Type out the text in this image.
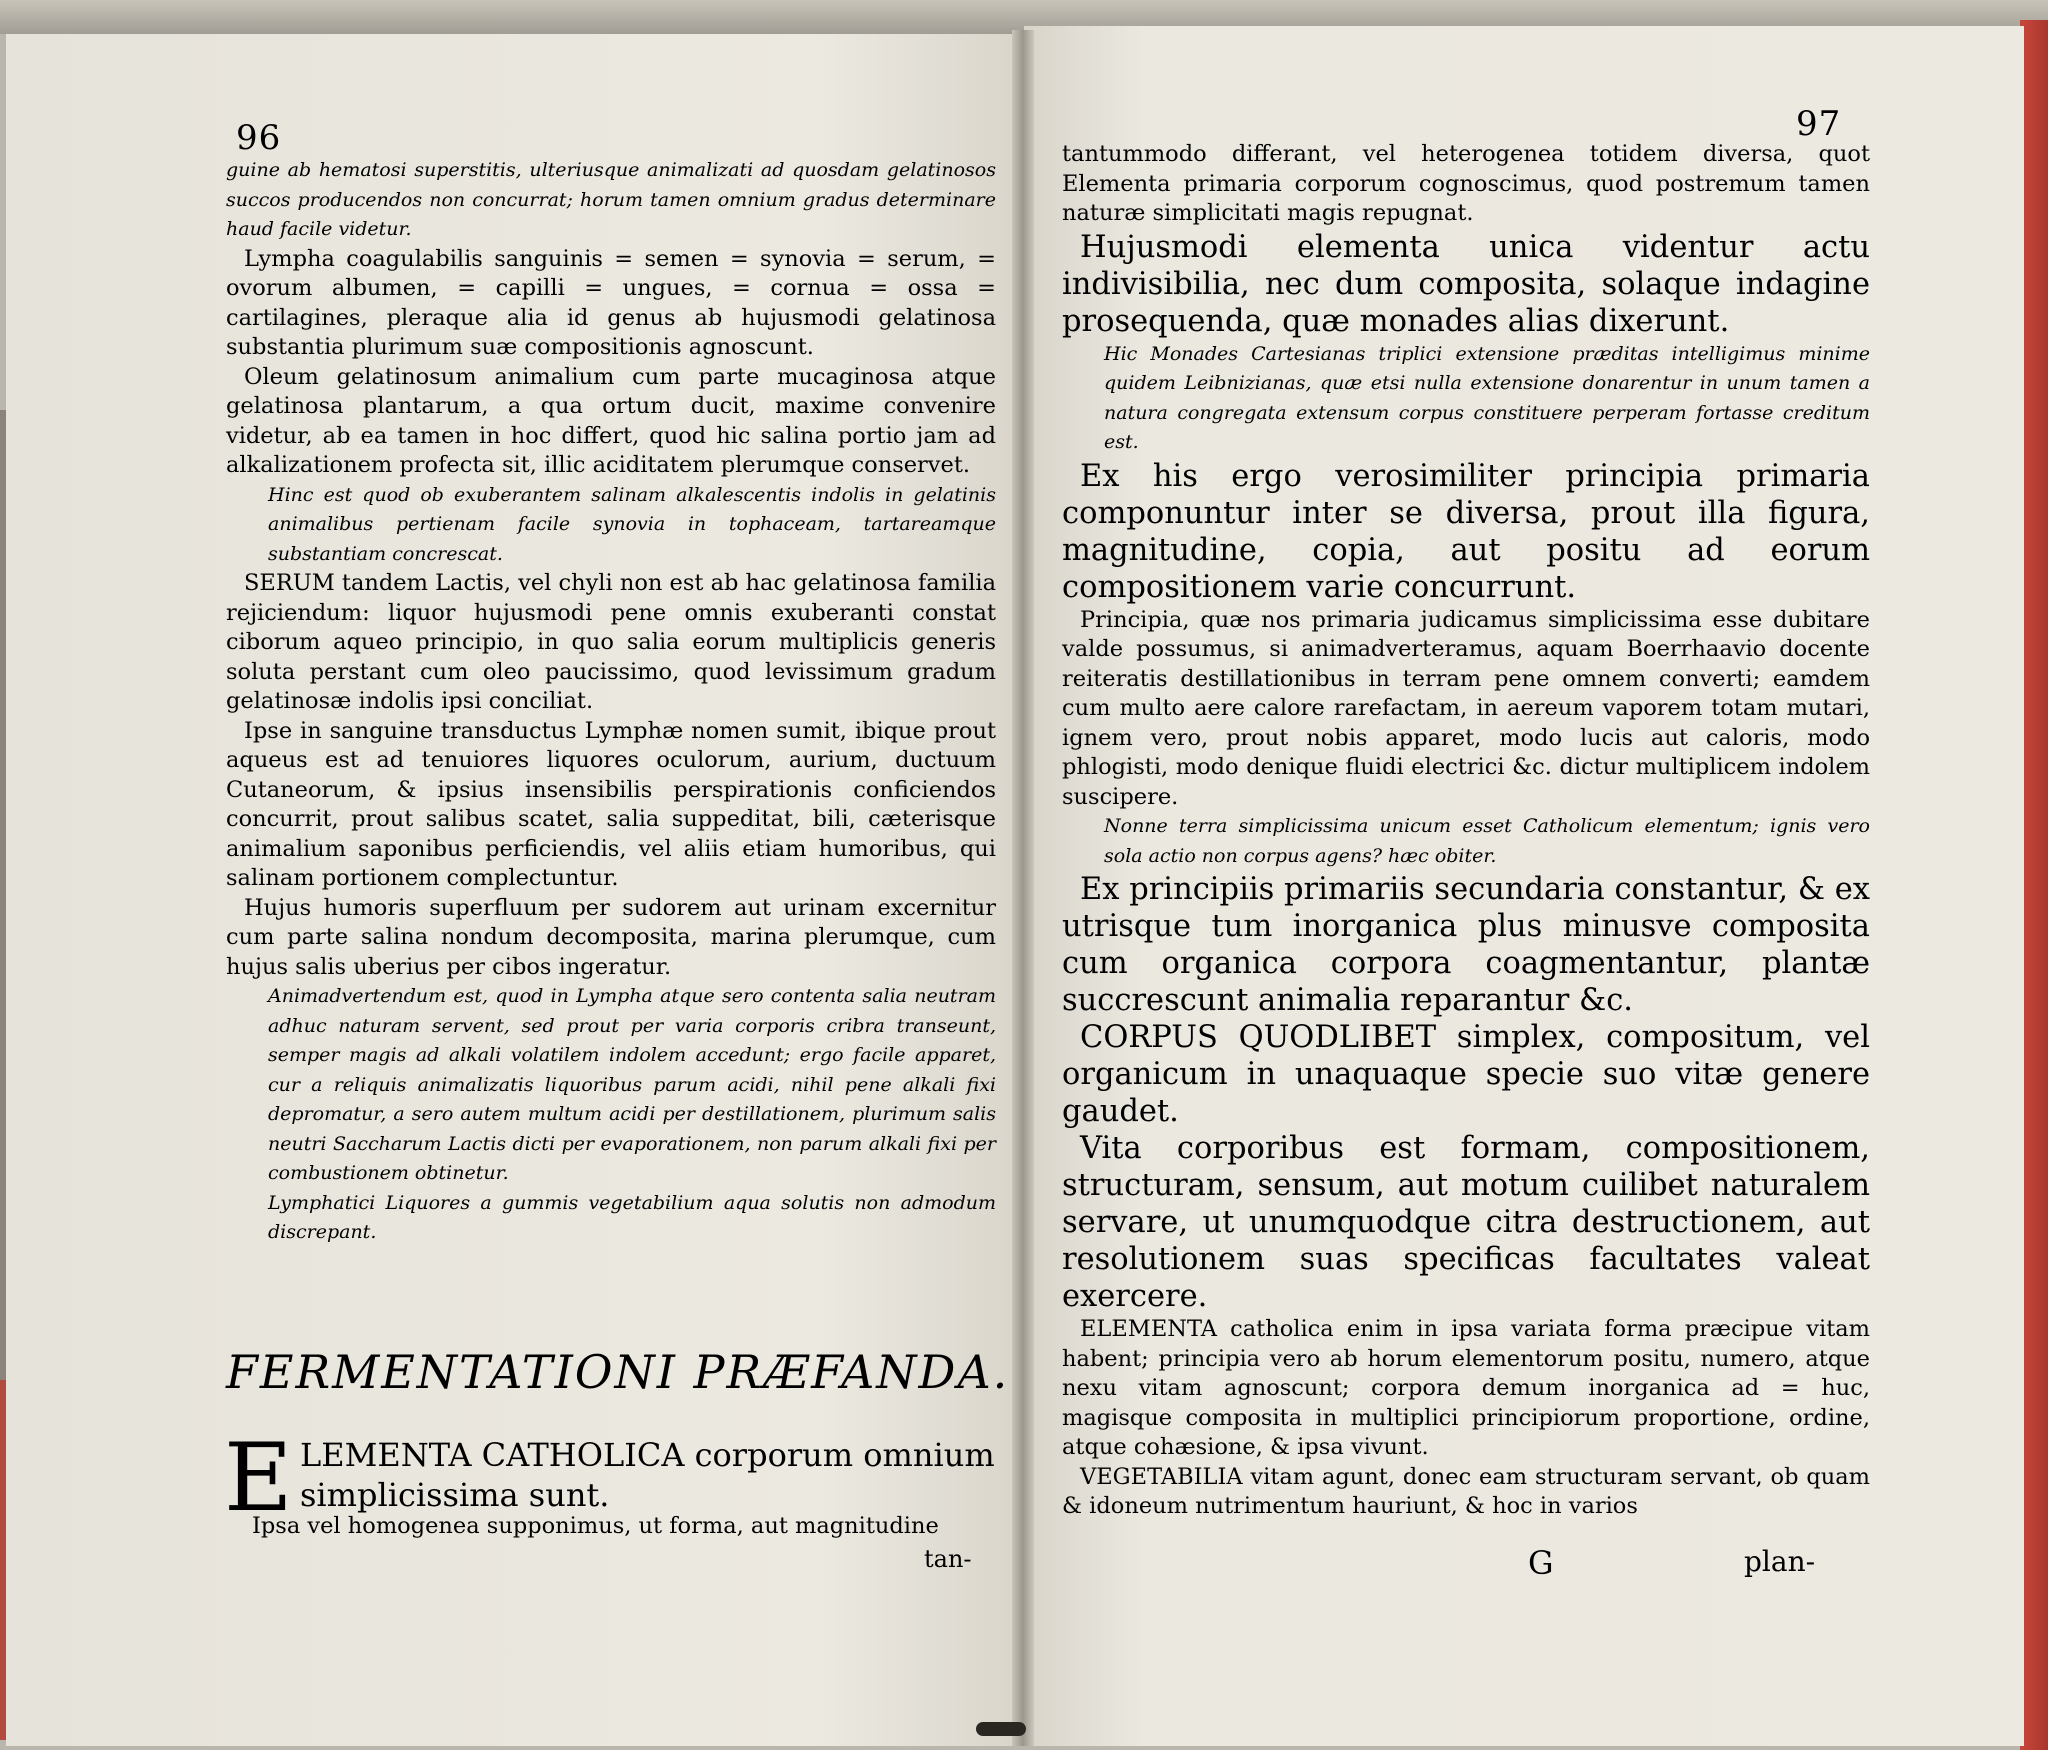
96

guine ab hematosi superstitis, ulteriusque animalizati ad quosdam gelatinosos succos producendos non concurrat; horum tamen omnium gradus determinare haud facile videtur.

Lympha coagulabilis sanguinis = semen = synovia = serum, = ovorum albumen, = capilli = ungues, = cornua = ossa = cartilagines, pleraque alia id genus ab hujusmodi gelatinosa substantia plurimum suæ compositionis agnoscunt.

Oleum gelatinosum animalium cum parte mucaginosa atque gelatinosa plantarum, a qua ortum ducit, maxime convenire videtur, ab ea tamen in hoc differt, quod hic salina portio jam ad alkalizationem profecta sit, illic aciditatem plerumque conservet.

Hinc est quod ob exuberantem salinam alkalescentis indolis in gelatinis animalibus pertienam facile synovia in tophaceam, tartareamque substantiam concrescat.

SERUM tandem Lactis, vel chyli non est ab hac gelatinosa familia rejiciendum: liquor hujusmodi pene omnis exuberanti constat ciborum aqueo principio, in quo salia eorum multiplicis generis soluta perstant cum oleo paucissimo, quod levissimum gradum gelatinosæ indolis ipsi conciliat.

Ipse in sanguine transductus Lymphæ nomen sumit, ibique prout aqueus est ad tenuiores liquores oculorum, aurium, ductuum Cutaneorum, & ipsius insensibilis perspirationis conficiendos concurrit, prout salibus scatet, salia suppeditat, bili, cæterisque animalium saponibus perficiendis, vel aliis etiam humoribus, qui salinam portionem complectuntur.

Hujus humoris superfluum per sudorem aut urinam excernitur cum parte salina nondum decomposita, marina plerumque, cum hujus salis uberius per cibos ingeratur.

Animadvertendum est, quod in Lympha atque sero contenta salia neutram adhuc naturam servent, sed prout per varia corporis cribra transeunt, semper magis ad alkali volatilem indolem accedunt; ergo facile apparet, cur a reliquis animalizatis liquoribus parum acidi, nihil pene alkali fixi depromatur, a sero autem multum acidi per destillationem, plurimum salis neutri Saccharum Lactis dicti per evaporationem, non parum alkali fixi per combustionem obtinetur.

Lymphatici Liquores a gummis vegetabilium aqua solutis non admodum discrepant.

FERMENTATIONI PRÆFANDA.
E LEMENTA CATHOLICA corporum omnium
simplicissima sunt.
Ipsa vel homogenea supponimus, ut forma, aut magnitudine
tan-
97

tantummodo differant, vel heterogenea totidem diversa, quot Elementa primaria corporum cognoscimus, quod postremum tamen naturæ simplicitati magis repugnat.

Hujusmodi elementa unica videntur actu indivisibilia, nec dum composita, solaque indagine prosequenda, quæ monades alias dixerunt.

Hic Monades Cartesianas triplici extensione præditas intelligimus minime quidem Leibnizianas, quæ etsi nulla extensione donarentur in unum tamen a natura congregata extensum corpus constituere perperam fortasse creditum est.

Ex his ergo verosimiliter principia primaria componuntur inter se diversa, prout illa figura, magnitudine, copia, aut positu ad eorum compositionem varie concurrunt.

Principia, quæ nos primaria judicamus simplicissima esse dubitare valde possumus, si animadverteramus, aquam Boerrhaavio docente reiteratis destillationibus in terram pene omnem converti; eamdem cum multo aere calore rarefactam, in aereum vaporem totam mutari, ignem vero, prout nobis apparet, modo lucis aut caloris, modo phlogisti, modo denique fluidi electrici &c. dictur multiplicem indolem suscipere.

Nonne terra simplicissima unicum esset Catholicum elementum; ignis vero sola actio non corpus agens? hæc obiter.

Ex principiis primariis secundaria constantur, & ex utrisque tum inorganica plus minusve composita cum organica corpora coagmentantur, plantæ succrescunt animalia reparantur &c.

CORPUS QUODLIBET simplex, compositum, vel organicum in unaquaque specie suo vitæ genere gaudet.

Vita corporibus est formam, compositionem, structuram, sensum, aut motum cuilibet naturalem servare, ut unumquodque citra destructionem, aut resolutionem suas specificas facultates valeat exercere.

ELEMENTA catholica enim in ipsa variata forma præcipue vitam habent; principia vero ab horum elementorum positu, numero, atque nexu vitam agnoscunt; corpora demum inorganica ad = huc, magisque composita in multiplici principiorum proportione, ordine, atque cohæsione, & ipsa vivunt.

VEGETABILIA vitam agunt, donec eam structuram servant, ob quam & idoneum nutrimentum hauriunt, & hoc in varios

G	plan-
